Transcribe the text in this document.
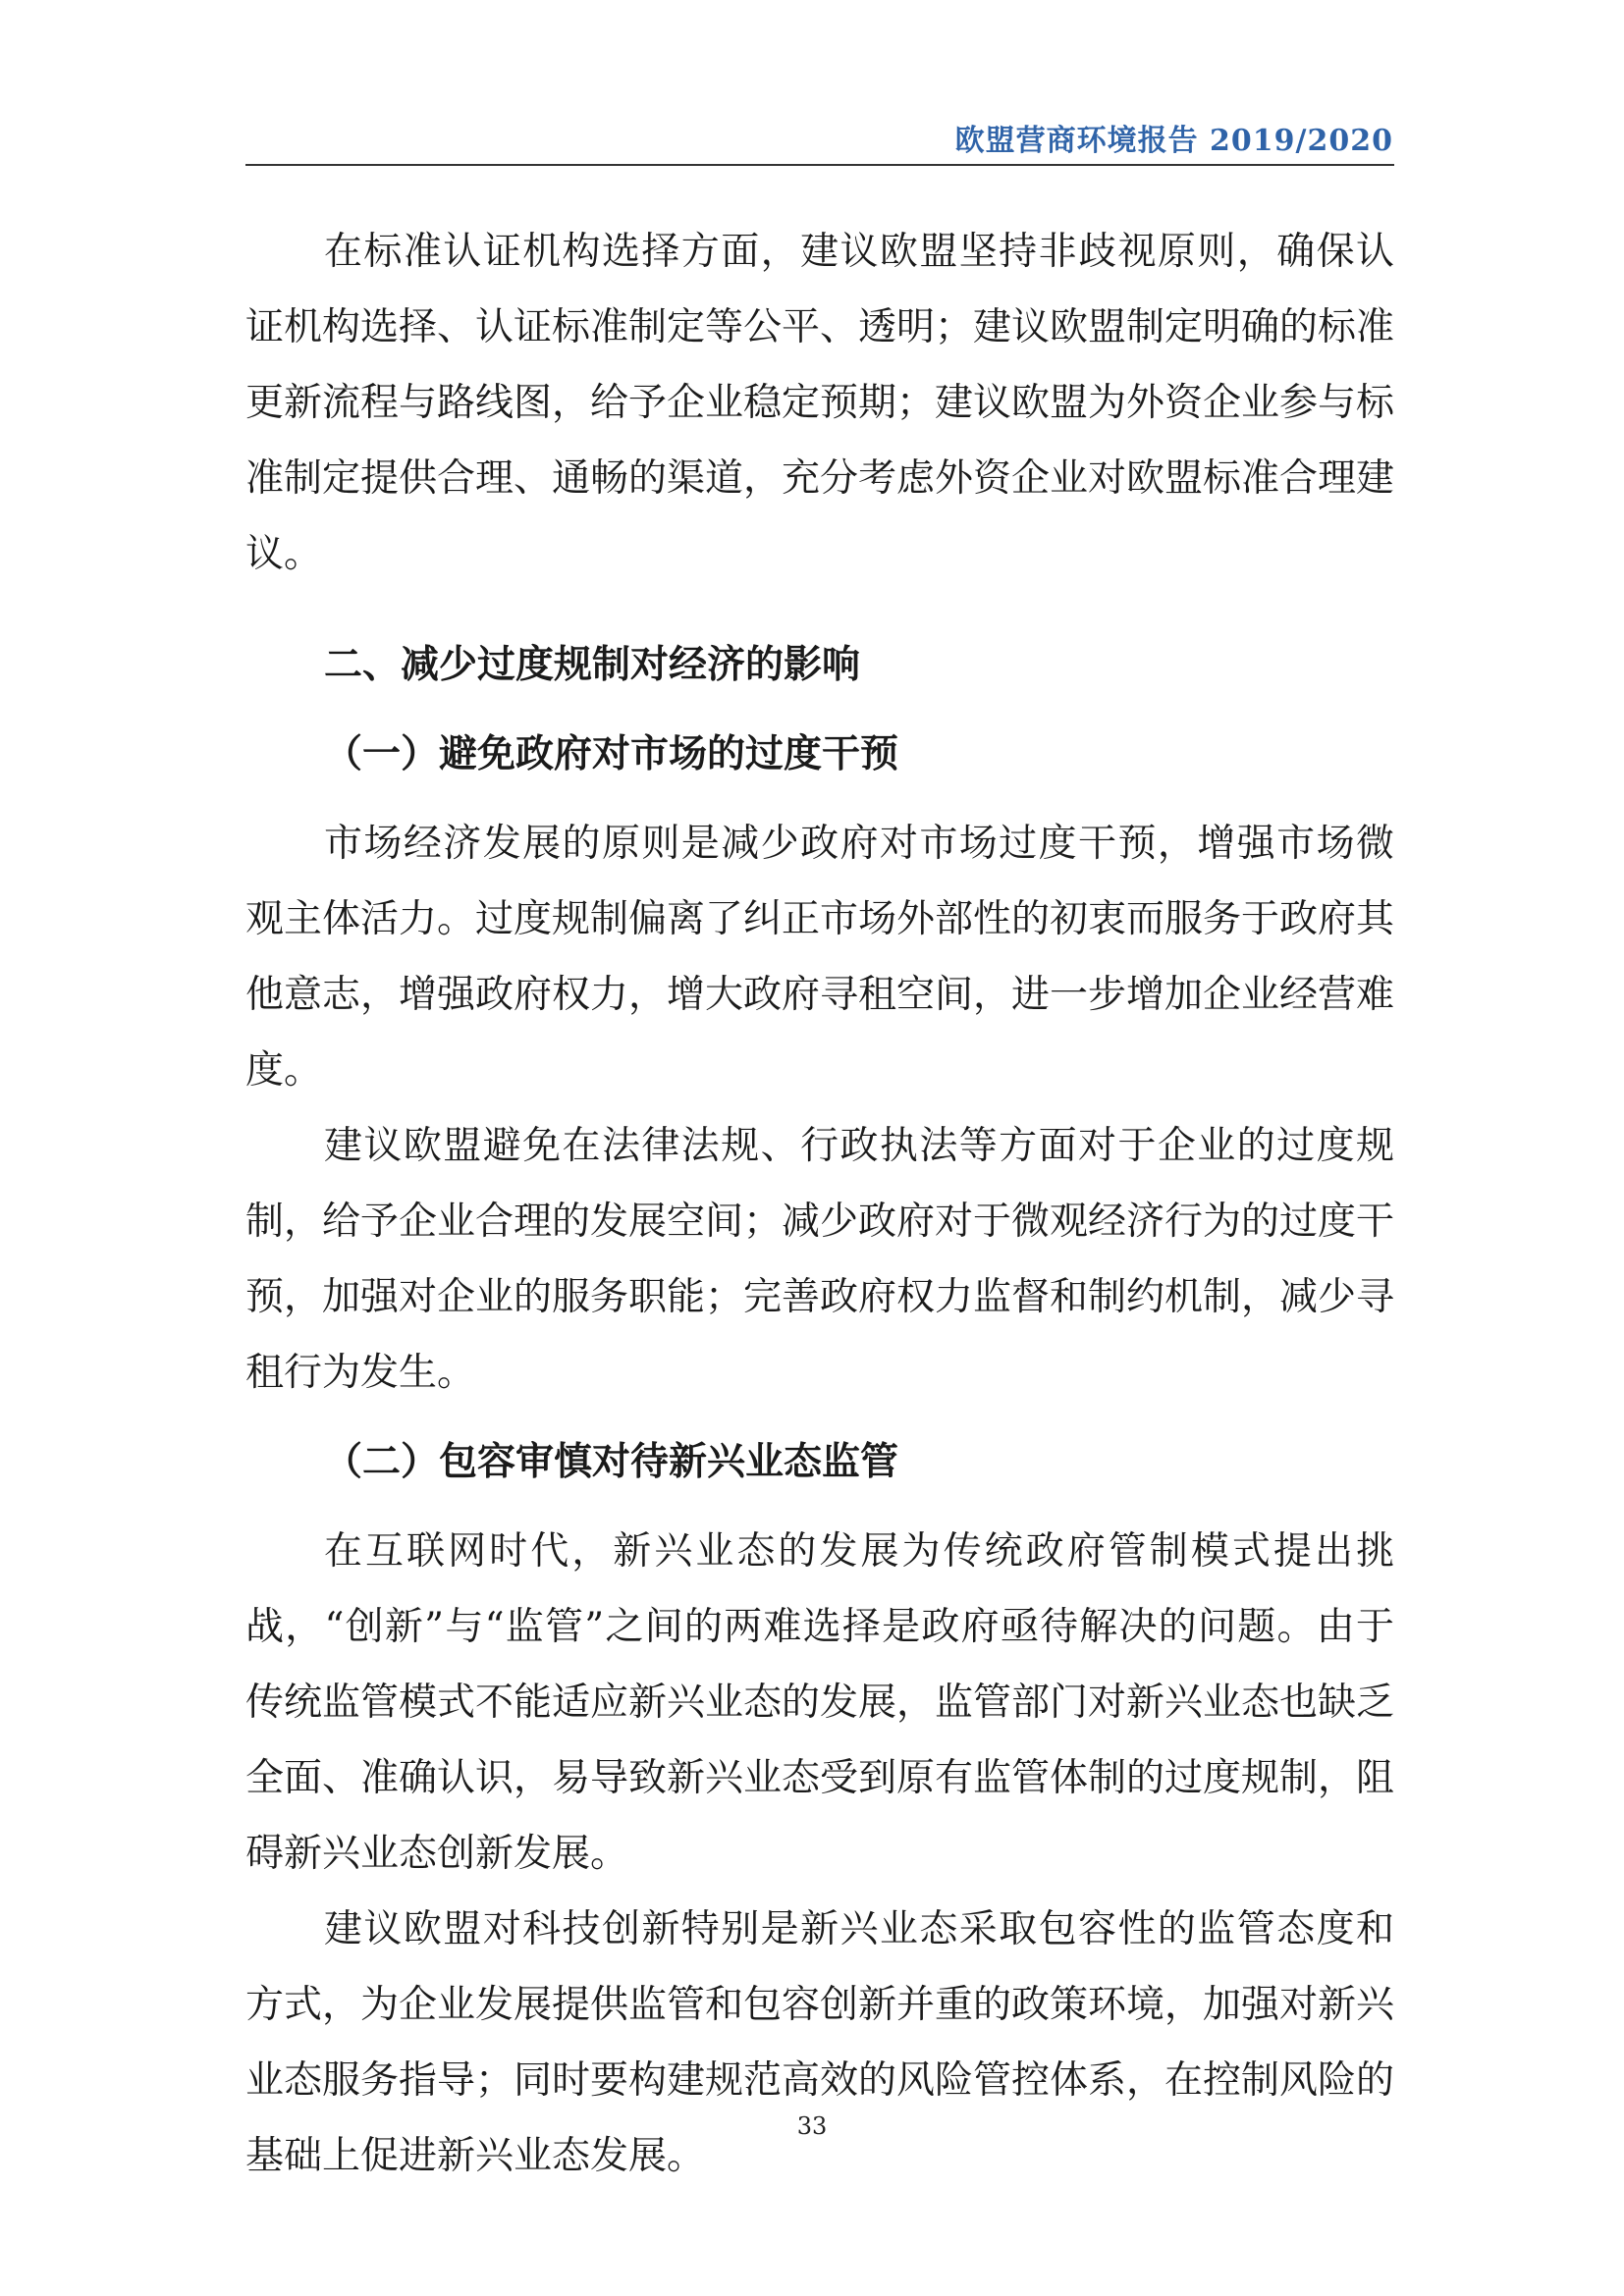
欧盟营商环境报告 2019/2020

在标准认证机构选择方面，建议欧盟坚持非歧视原则，确保认证机构选择、认证标准制定等公平、透明；建议欧盟制定明确的标准更新流程与路线图，给予企业稳定预期；建议欧盟为外资企业参与标准制定提供合理、通畅的渠道，充分考虑外资企业对欧盟标准合理建议。

二、减少过度规制对经济的影响
（一）避免政府对市场的过度干预

市场经济发展的原则是减少政府对市场过度干预，增强市场微观主体活力。过度规制偏离了纠正市场外部性的初衷而服务于政府其他意志，增强政府权力，增大政府寻租空间，进一步增加企业经营难度。

建议欧盟避免在法律法规、行政执法等方面对于企业的过度规制，给予企业合理的发展空间；减少政府对于微观经济行为的过度干预，加强对企业的服务职能；完善政府权力监督和制约机制，减少寻租行为发生。

（二）包容审慎对待新兴业态监管

在互联网时代，新兴业态的发展为传统政府管制模式提出挑战，“创新”与“监管”之间的两难选择是政府亟待解决的问题。由于传统监管模式不能适应新兴业态的发展，监管部门对新兴业态也缺乏全面、准确认识，易导致新兴业态受到原有监管体制的过度规制，阻碍新兴业态创新发展。

建议欧盟对科技创新特别是新兴业态采取包容性的监管态度和方式，为企业发展提供监管和包容创新并重的政策环境，加强对新兴业态服务指导；同时要构建规范高效的风险管控体系，在控制风险的基础上促进新兴业态发展。

33
